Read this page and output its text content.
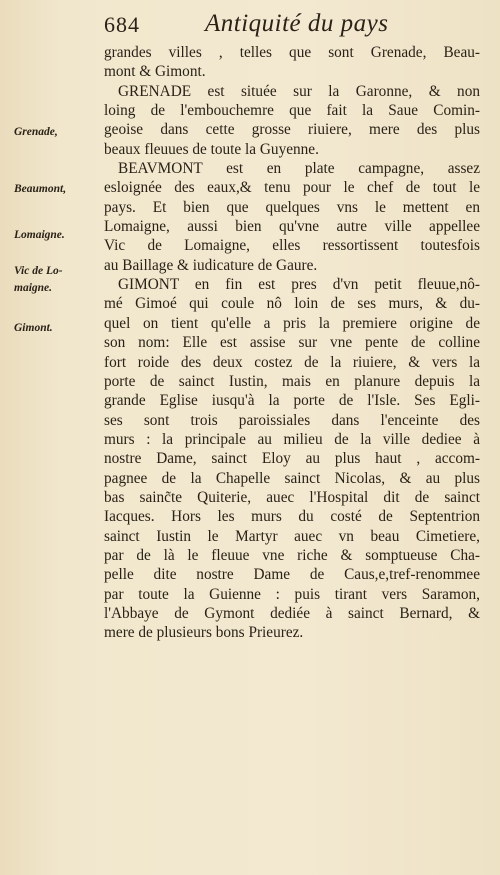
684	Antiquité du pays
Grenade,
Beaumont,
Lomaigne.
Vic de Lo-
maigne.
Gimont.
grandes villes , telles que sont Grenade, Beau-
mont & Gimont.
GRENADE est située sur la Garonne, & non
loing de l'embouchemre que fait la Saue Comin-
geoise dans cette grosse riuiere, mere des plus
beaux fleuues de toute la Guyenne.
BEAVMONT est en plate campagne, assez
esloignée des eaux,& tenu pour le chef de tout le
pays. Et bien que quelques vns le mettent en
Lomaigne, aussi bien qu'vne autre ville appellee
Vic de Lomaigne, elles ressortissent toutesfois
au Baillage & iudicature de Gaure.
GIMONT en fin est pres d'vn petit fleuue,nô-
mé Gimoé qui coule nô loin de ses murs, & du-
quel on tient qu'elle a pris la premiere origine de
son nom: Elle est assise sur vne pente de colline
fort roide des deux costez de la riuiere, & vers la
porte de sainct Iustin, mais en planure depuis la
grande Eglise iusqu'à la porte de l'Isle. Ses Egli-
ses sont trois paroissiales dans l'enceinte des
murs : la principale au milieu de la ville dediee à
nostre Dame, sainct Eloy au plus haut , accom-
pagnee de la Chapelle sainct Nicolas, & au plus
bas sainc̃te Quiterie, auec l'Hospital dit de sainct
Iacques. Hors les murs du costé de Septentrion
sainct Iustin le Martyr auec vn beau Cimetiere,
par de là le fleuue vne riche & somptueuse Cha-
pelle dite nostre Dame de Caus,e,tref-renommee
par toute la Guienne : puis tirant vers Saramon,
l'Abbaye de Gymont dediée à sainct Bernard, &
mere de plusieurs bons Prieurez.
